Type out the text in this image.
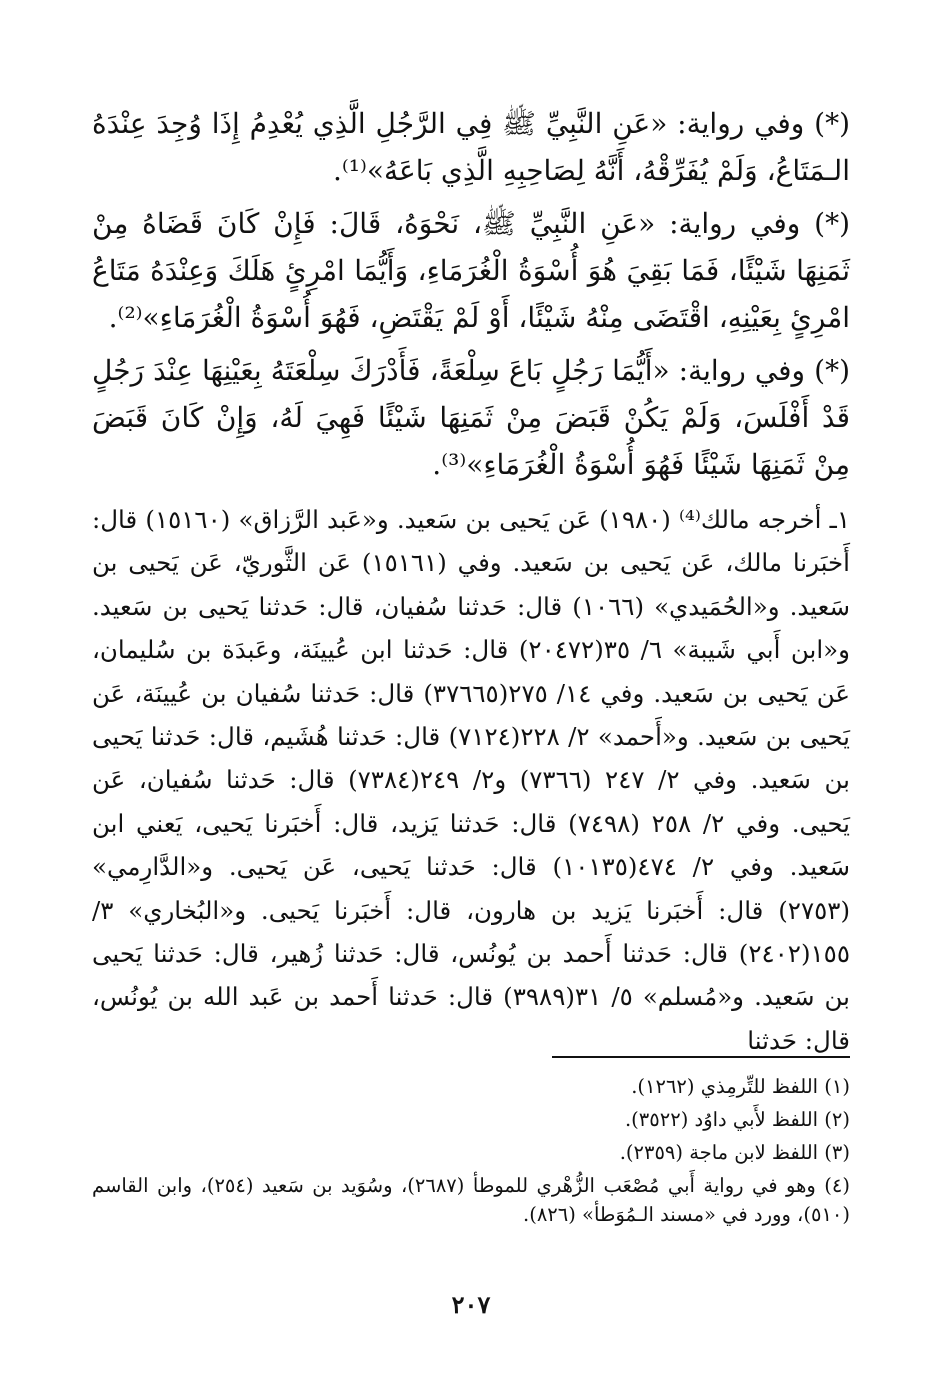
(*) وفي رواية: «عَنِ النَّبِيِّ ﷺ فِي الرَّجُلِ الَّذِي يُعْدِمُ إِذَا وُجِدَ عِنْدَهُ الـمَتَاعُ، وَلَمْ يُفَرِّقْهُ، أَنَّهُ لِصَاحِبِهِ الَّذِي بَاعَهُ»⁽¹⁾.

(*) وفي رواية: «عَنِ النَّبِيِّ ﷺ، نَحْوَهُ، قَالَ: فَإِنْ كَانَ قَضَاهُ مِنْ ثَمَنِهَا شَيْئًا، فَمَا بَقِيَ هُوَ أُسْوَةُ الْغُرَمَاءِ، وَأَيُّمَا امْرِئٍ هَلَكَ وَعِنْدَهُ مَتَاعُ امْرِئٍ بِعَيْنِهِ، اقْتَضَى مِنْهُ شَيْئًا، أَوْ لَمْ يَقْتَضِ، فَهُوَ أُسْوَةُ الْغُرَمَاءِ»⁽²⁾.

(*) وفي رواية: «أَيُّمَا رَجُلٍ بَاعَ سِلْعَةً، فَأَدْرَكَ سِلْعَتَهُ بِعَيْنِهَا عِنْدَ رَجُلٍ قَدْ أَفْلَسَ، وَلَمْ يَكُنْ قَبَضَ مِنْ ثَمَنِهَا شَيْئًا فَهِيَ لَهُ، وَإِنْ كَانَ قَبَضَ مِنْ ثَمَنِهَا شَيْئًا فَهُوَ أُسْوَةُ الْغُرَمَاءِ»⁽³⁾.

١ـ أخرجه مالك⁽⁴⁾ (١٩٨٠) عَن يَحيى بن سَعيد. و«عَبد الرَّزاق» (١٥١٦٠) قال: أَخبَرنا مالك، عَن يَحيى بن سَعيد. وفي (١٥١٦١) عَن الثَّوريّ، عَن يَحيى بن سَعيد. و«الحُمَيدي» (١٠٦٦) قال: حَدثنا سُفيان، قال: حَدثنا يَحيى بن سَعيد. و«ابن أَبي شَيبة» ٦/ ٣٥(٢٠٤٧٢) قال: حَدثنا ابن عُيينَة، وعَبدَة بن سُليمان، عَن يَحيى بن سَعيد. وفي ١٤/ ٢٧٥(٣٧٦٦٥) قال: حَدثنا سُفيان بن عُيينَة، عَن يَحيى بن سَعيد. و«أَحمد» ٢/ ٢٢٨(٧١٢٤) قال: حَدثنا هُشَيم، قال: حَدثنا يَحيى بن سَعيد. وفي ٢/ ٢٤٧ (٧٣٦٦) و٢/ ٢٤٩(٧٣٨٤) قال: حَدثنا سُفيان، عَن يَحيى. وفي ٢/ ٢٥٨ (٧٤٩٨) قال: حَدثنا يَزيد، قال: أَخبَرنا يَحيى، يَعني ابن سَعيد. وفي ٢/ ٤٧٤(١٠١٣٥) قال: حَدثنا يَحيى، عَن يَحيى. و«الدَّارِمي» (٢٧٥٣) قال: أَخبَرنا يَزيد بن هارون، قال: أَخبَرنا يَحيى. و«البُخاري» ٣/ ١٥٥(٢٤٠٢) قال: حَدثنا أَحمد بن يُونُس، قال: حَدثنا زُهير، قال: حَدثنا يَحيى بن سَعيد. و«مُسلم» ٥/ ٣١(٣٩٨٩) قال: حَدثنا أَحمد بن عَبد الله بن يُونُس، قال: حَدثنا

(١) اللفظ للتِّرمِذي (١٢٦٢).

(٢) اللفظ لأَبي داوُد (٣٥٢٢).

(٣) اللفظ لابن ماجة (٢٣٥٩).

(٤) وهو في رواية أَبي مُصْعَب الزُّهْري للموطأ (٢٦٨٧)، وسُوَيد بن سَعيد (٢٥٤)، وابن القاسم (٥١٠)، وورد في «مسند الـمُوَطأ» (٨٢٦).

٢٠٧
